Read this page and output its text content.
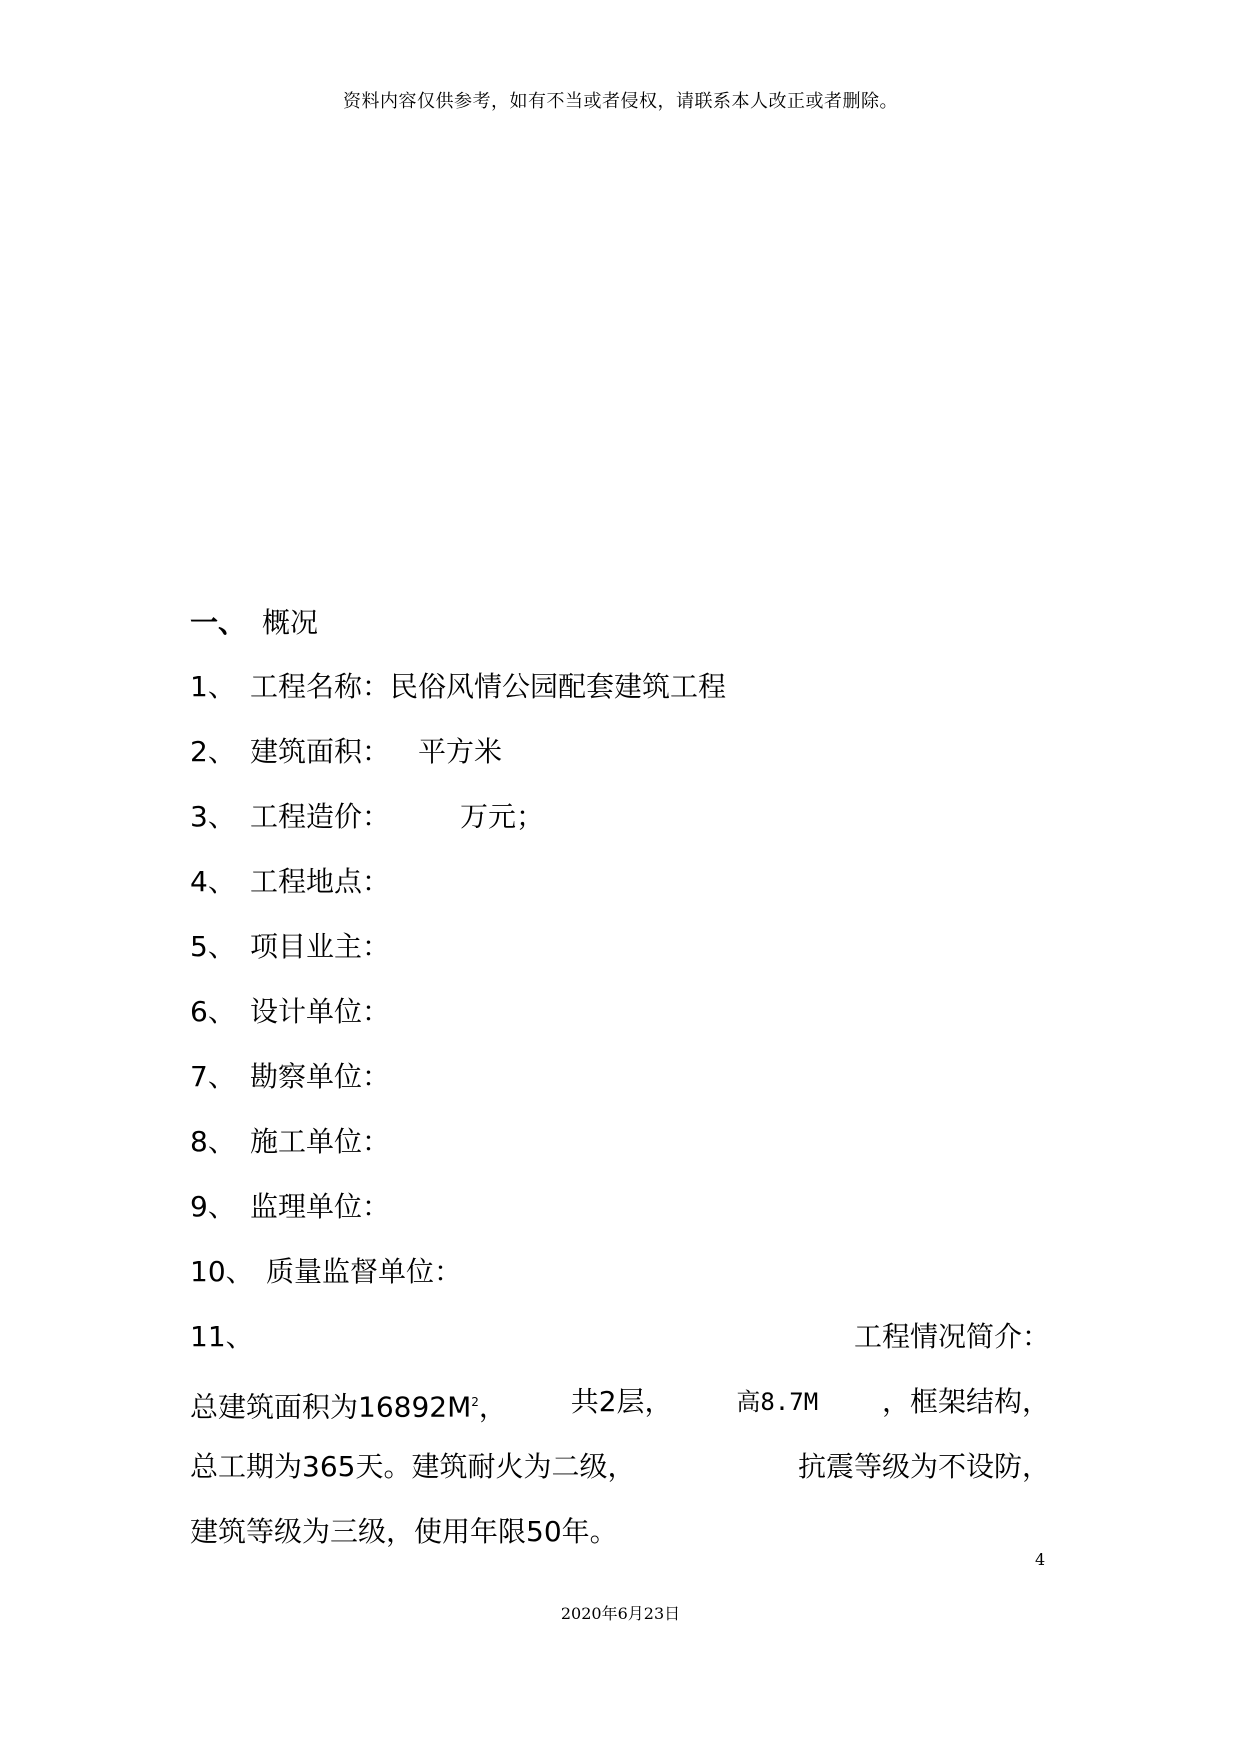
资料内容仅供参考，如有不当或者侵权，请联系本人改正或者删除。
一、 概况
1、 工程名称：民俗风情公园配套建筑工程
2、 建筑面积： 平方米
3、 工程造价：	万元；
4、 工程地点：
5、 项目业主：
6、 设计单位：
7、 勘察单位：
8、 施工单位：
9、 监理单位：
10、 质量监督单位：
11、	工程情况简介：
总建筑面积为$16892M^2$， 共2层，	高8.7M ，框架结构，
总工期为365天。建筑耐火为二级，	抗震等级为不设防，
建筑等级为三级，使用年限50年。
4
2020年6月23日
